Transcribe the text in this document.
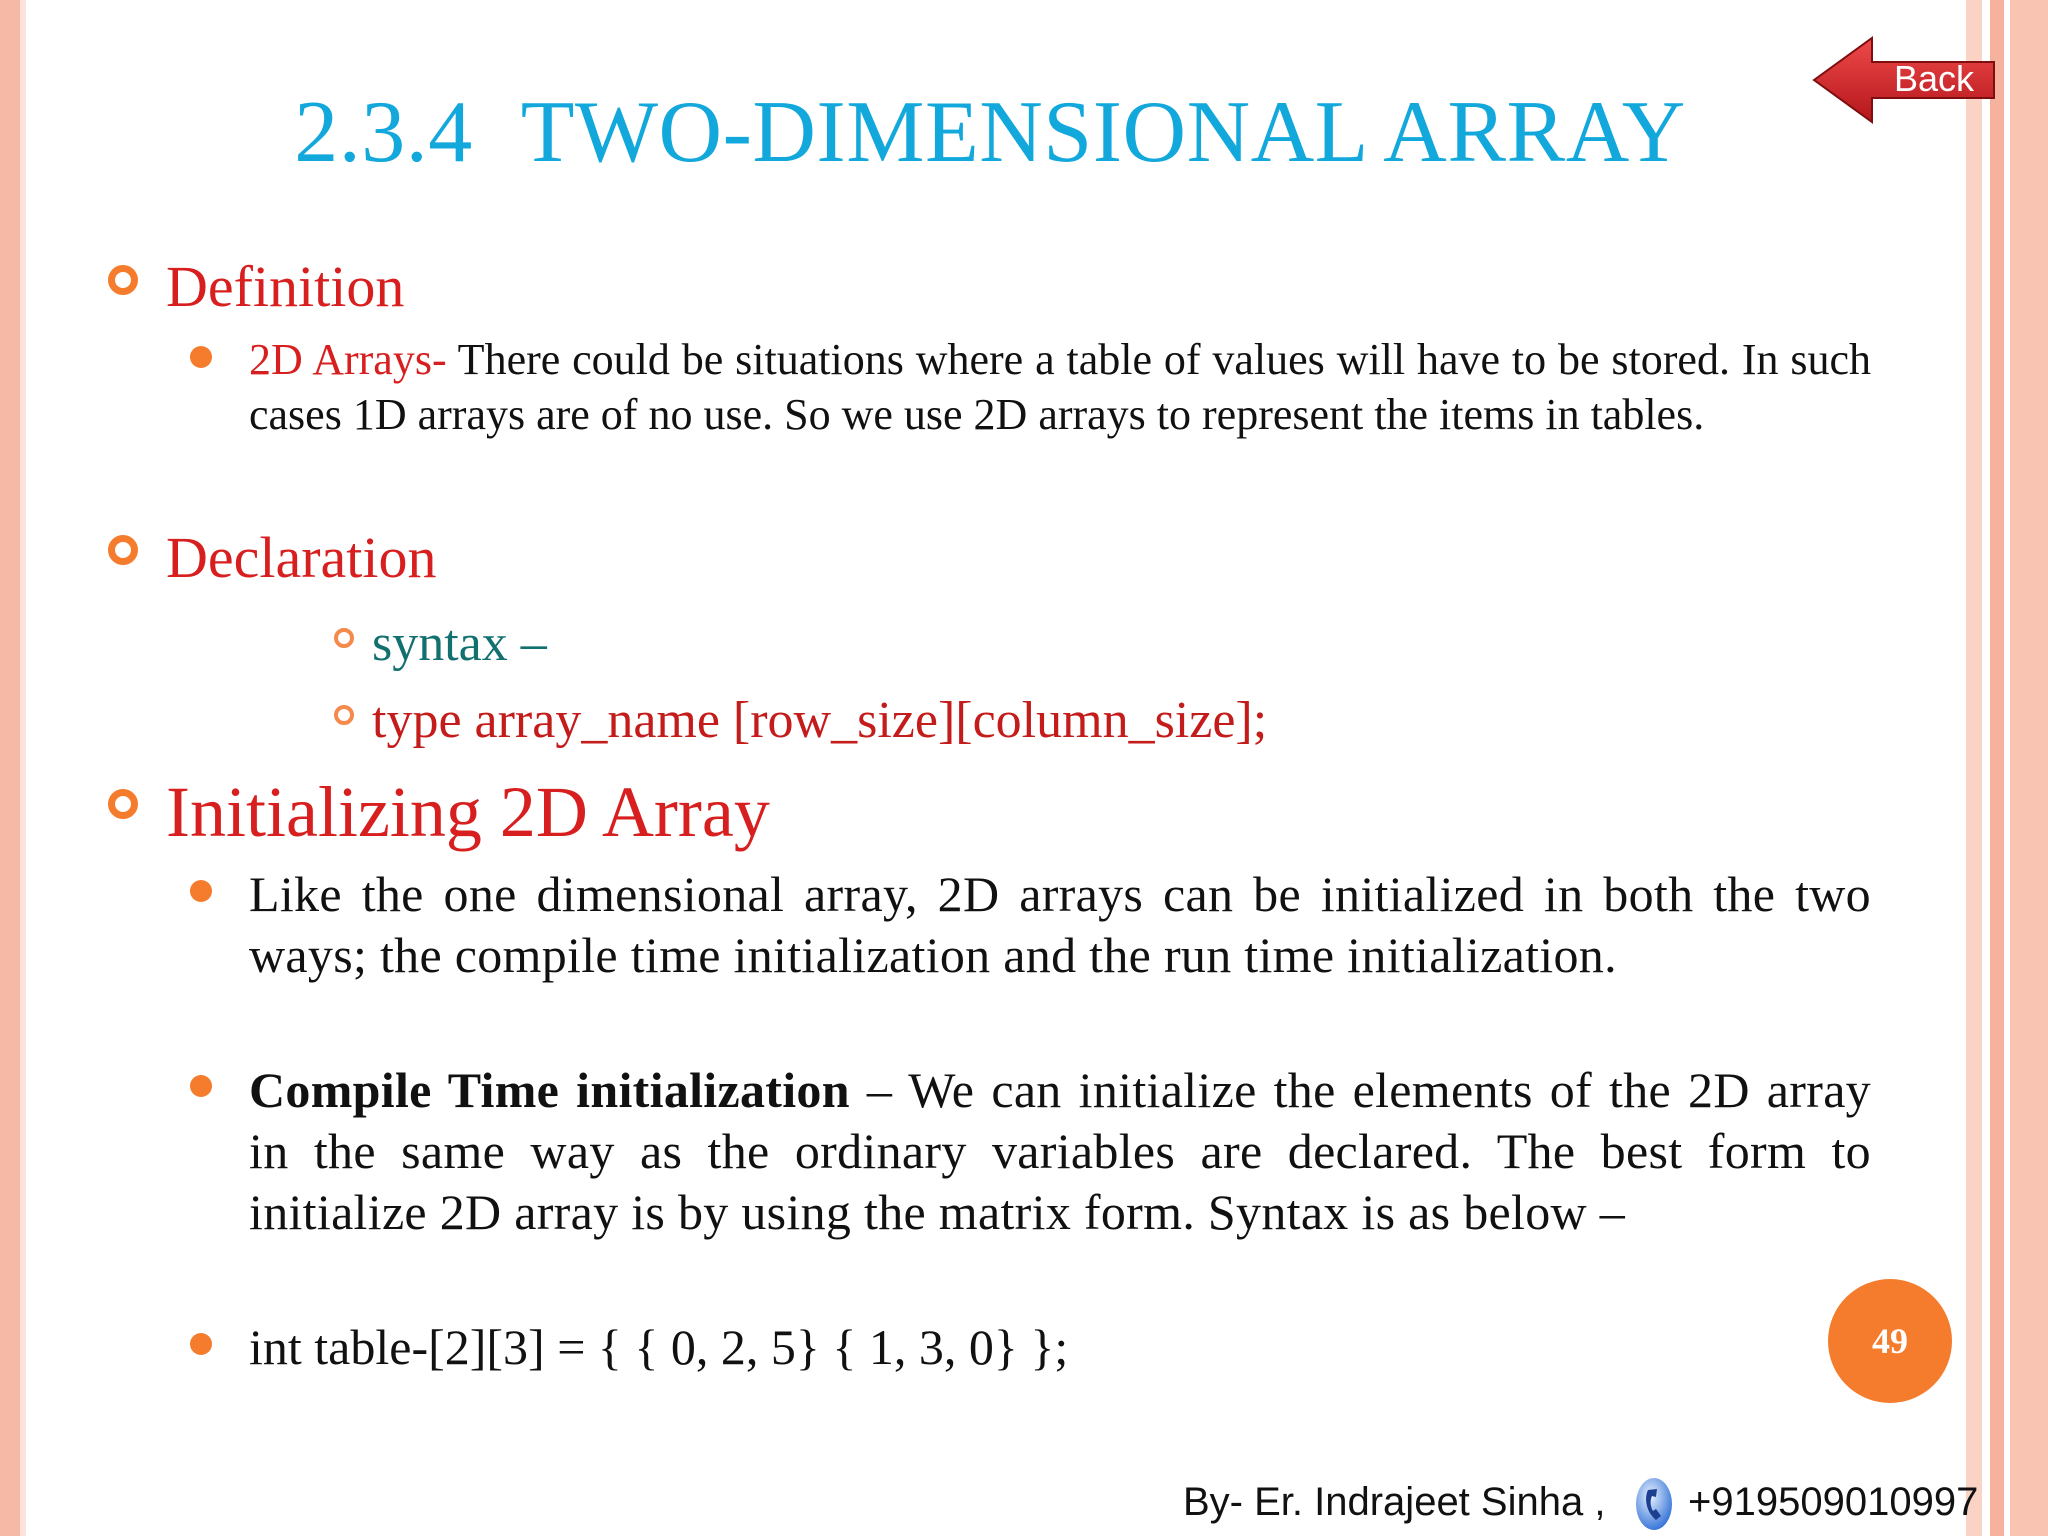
2.3.4 TWO-DIMENSIONAL ARRAY
Back
Definition
2D Arrays- There could be situations where a table of values will have to be stored. In such cases 1D arrays are of no use. So we use 2D arrays to represent the items in tables.
Declaration
syntax –
type array_name [row_size][column_size];
Initializing 2D Array
Like the one dimensional array, 2D arrays can be initialized in both the two ways; the compile time initialization and the run time initialization.
Compile Time initialization – We can initialize the elements of the 2D array in the same way as the ordinary variables are declared. The best form to initialize 2D array is by using the matrix form. Syntax is as below –
int table-[2][3] = { { 0, 2, 5} { 1, 3, 0} };	49
By- Er. Indrajeet Sinha , +919509010997
